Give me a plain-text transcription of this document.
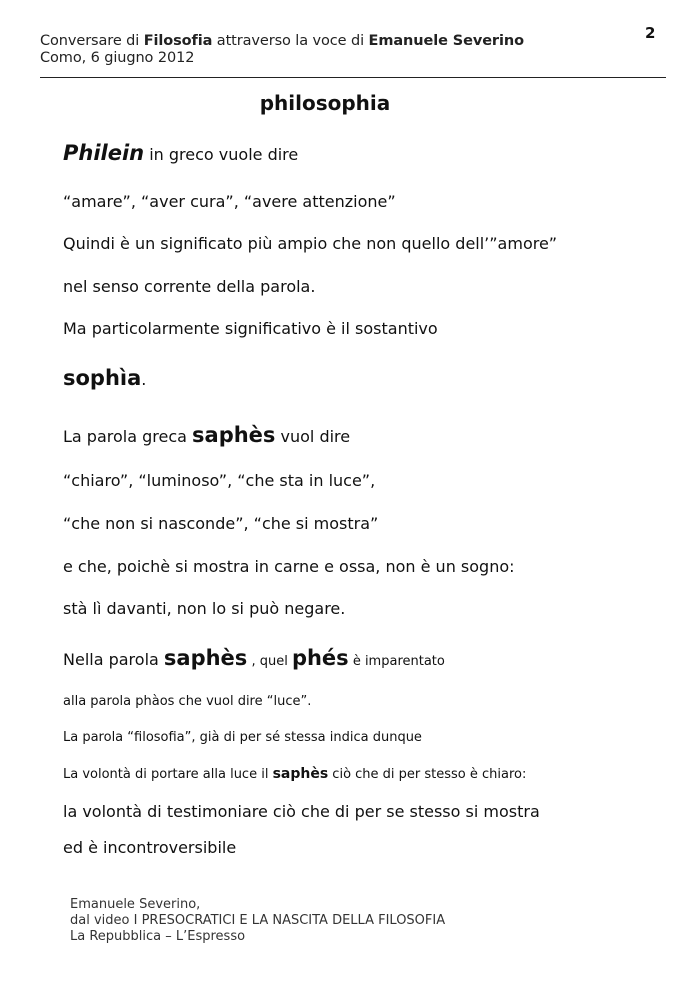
Conversare di Filosofia attraverso la voce di Emanuele Severino
Como, 6 giugno 2012
2
philosophia
Philein in greco vuole dire
“amare”, “aver cura”, “avere attenzione”
Quindi è un significato più ampio che non quello dell’”amore”
nel senso corrente della parola.
Ma particolarmente significativo è il sostantivo
sophìa.
La parola greca saphès vuol dire
“chiaro”, “luminoso”, “che sta in luce”,
“che non si nasconde”, “che si mostra”
e che, poichè si mostra in carne e ossa, non è un sogno:
stà lì davanti, non lo si può negare.
Nella parola saphès , quel phés è imparentato
alla parola phàos che vuol dire “luce”.
La parola “filosofia”, già di per sé stessa indica dunque
La volontà di portare alla luce il saphès ciò che di per stesso è chiaro:
la volontà di testimoniare ciò che di per se stesso si mostra
ed è incontroversibile
Emanuele Severino,
dal video I PRESOCRATICI E LA NASCITA DELLA FILOSOFIA
La Repubblica – L’Espresso
